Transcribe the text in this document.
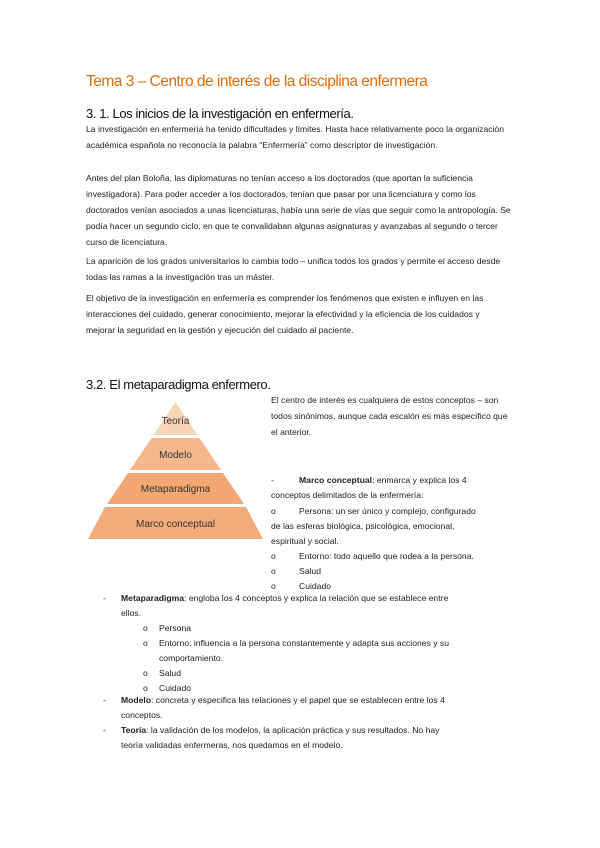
Tema 3 – Centro de interés de la disciplina enfermera
3. 1. Los inicios de la investigación en enfermería.

La investigación en enfermería ha tenido dificultades y límites. Hasta hace relativamente poco la organización académica española no reconocía la palabra “Enfermería” como descriptor de investigación.

Antes del plan Boloña, las diplomaturas no tenían acceso a los doctorados (que aportan la suficiencia investigadora). Para poder acceder a los doctorados, tenían que pasar por una licenciatura y como los doctorados venían asociados a unas licenciaturas, había una serie de vías que seguir como la antropología. Se podía hacer un segundo ciclo, en que te convalidaban algunas asignaturas y avanzabas al segundo o tercer curso de licenciatura.

La aparición de los grados universitarios lo cambia todo – unifica todos los grados y permite el acceso desde todas las ramas a la investigación tras un máster.

El objetivo de la investigación en enfermería es comprender los fenómenos que existen e influyen en las interacciones del cuidado, generar conocimiento, mejorar la efectividad y la eficiencia de los cuidados y mejorar la seguridad en la gestión y ejecución del cuidado al paciente.

3.2. El metaparadigma enfermero.
Teoría
Modelo
Metaparadigma
Marco conceptual

El centro de interés es cualquiera de estos conceptos – son todos sinónimos, aunque cada escalón es más específico que el anterior.

-	Marco conceptual: enmarca y explica los 4
conceptos delimitados de la enfermería:
o	Persona: un ser único y complejo, configurado
de las esferas biológica, psicológica, emocional,
espiritual y social.
o	Entorno: todo aquello que rodea a la persona.
o	Salud
o	Cuidado
- Metaparadigma: engloba los 4 conceptos y explica la relación que se establece entre
ellos.
o Persona
o Entorno: influencia a la persona constantemente y adapta sus acciones y su
comportamiento.
o Salud
o Cuidado
- Modelo: concreta y especifica las relaciones y el papel que se establecen entre los 4
conceptos.
- Teoría: la validación de los modelos, la aplicación práctica y sus resultados. No hay
teoría validadas enfermeras, nos quedamos en el modelo.
